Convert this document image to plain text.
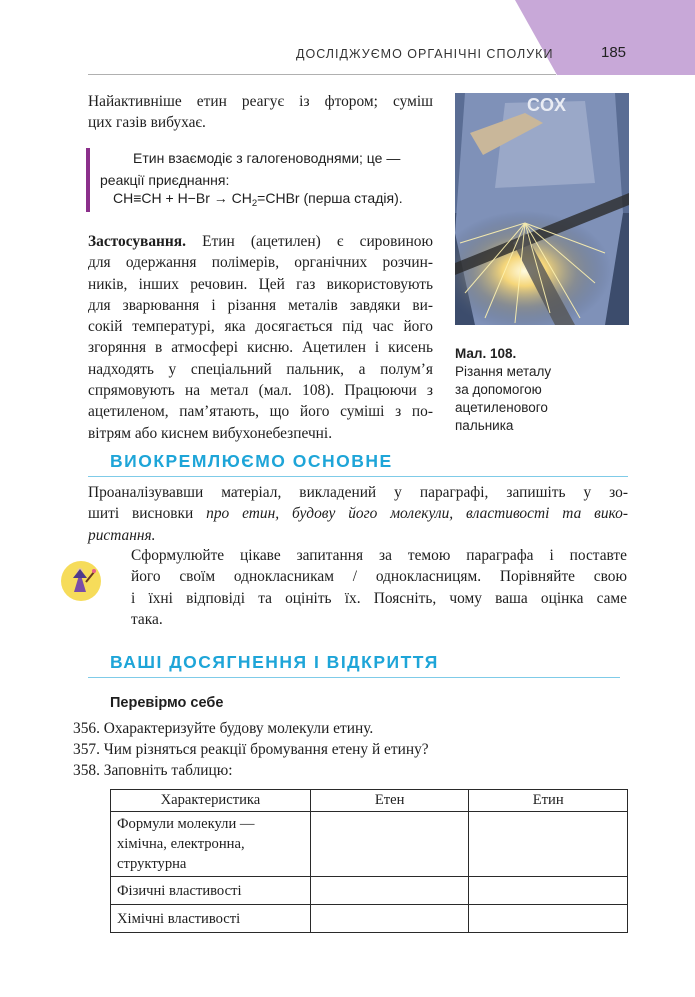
ДОСЛІДЖУЄМО ОРГАНІЧНІ СПОЛУКИ	185
Найактивніше етин реагує із фтором; суміш
цих газів вибухає.
Етин взаємодіє з галогеноводнями; це —
реакції приєднання:
$CH\equiv CH + H-Br \to CH_2=CHBr$ (перша стадія).
Застосування. Етин (ацетилен) є сировиною
для одержання полімерів, органічних розчин-
ників, інших речовин. Цей газ використовують
для зварювання і різання металів завдяки ви-
сокій температурі, яка досягається під час його
згоряння в атмосфері кисню. Ацетилен і кисень
надходять у спеціальний пальник, а полум’я
спрямовують на метал (мал. 108). Працюючи з
ацетиленом, пам’ятають, що його суміші з по-
вітрям або киснем вибухонебезпечні.
COX
Мал. 108.
Різання металу
за допомогою
ацетиленового
пальника
ВИОКРЕМЛЮЄМО ОСНОВНЕ
Проаналізувавши матеріал, викладений у параграфі, запишіть у зо-
шиті висновки про етин, будову його молекули, властивості та вико-
ристання.
Сформулюйте цікаве запитання за темою параграфа і поставте
його своїм однокласникам / однокласницям. Порівняйте свою
і їхні відповіді та оцініть їх. Поясніть, чому ваша оцінка саме
така.
ВАШІ ДОСЯГНЕННЯ І ВІДКРИТТЯ
Перевірмо себе
356. Охарактеризуйте будову молекули етину.
357. Чим різняться реакції бромування етену й етину?
358. Заповніть таблицю:
Характеристика	Етен	Етин

Формули молекули —
хімічна, електронна,
структурна		

Фізичні властивості		
Хімічні властивості		
